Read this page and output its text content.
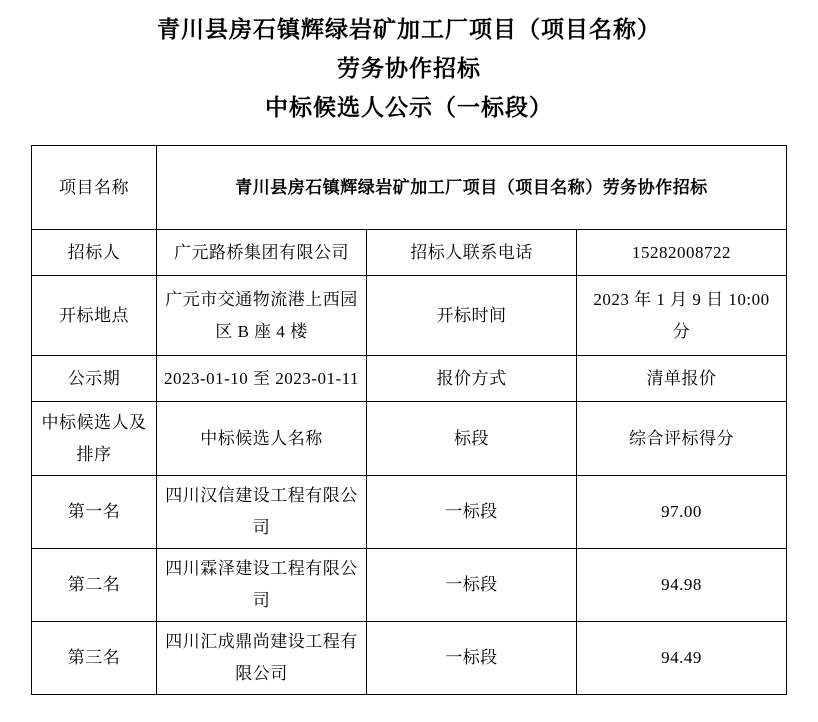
青川县房石镇辉绿岩矿加工厂项目（项目名称）
劳务协作招标
中标候选人公示（一标段）
项目名称	青川县房石镇辉绿岩矿加工厂项目（项目名称）劳务协作招标		
招标人	广元路桥集团有限公司	招标人联系电话	15282008722
开标地点	广元市交通物流港上西园区 B 座 4 楼	开标时间	2023 年 1 月 9 日 10:00 分
公示期	2023-01-10 至 2023-01-11	报价方式	清单报价
中标候选人及排序	中标候选人名称	标段	综合评标得分
第一名	四川汉信建设工程有限公司	一标段	97.00
第二名	四川霖泽建设工程有限公司	一标段	94.98
第三名	四川汇成鼎尚建设工程有限公司	一标段	94.49
